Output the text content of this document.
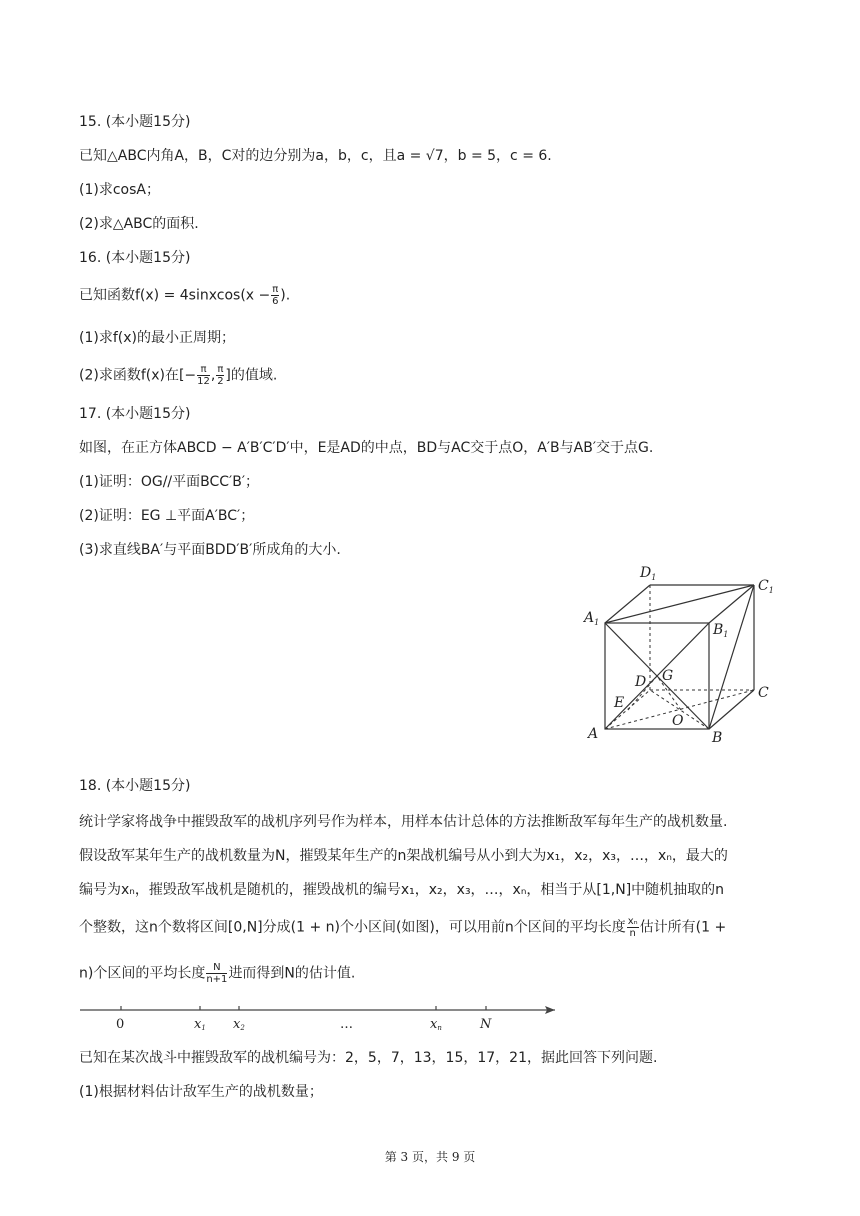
15. (本小题15分)
已知△ABC内角A，B，C对的边分别为a，b，c，且a = √7，b = 5，c = 6.
(1)求cosA；
(2)求△ABC的面积.
16. (本小题15分)
已知函数f(x) = 4sinxcos(x − $\frac{\pi}{6}$ ).
(1)求f(x)的最小正周期；
(2)求函数f(x)在[− $\frac{\pi}{12}$ , $\frac{\pi}{2}$ ]的值域.
17. (本小题15分)
如图，在正方体ABCD − A′B′C′D′中，E是AD的中点，BD与AC交于点O，A′B与AB′交于点G.
(1)证明：OG//平面BCC′B′；
(2)证明：EG ⊥平面A′BC′；
(3)求直线BA′与平面BDD′B′所成角的大小.
$D_1$
$C_1$
$A_1$	$B_1$
D G
C
E
O
A	B
18. (本小题15分)
统计学家将战争中摧毁敌军的战机序列号作为样本，用样本估计总体的方法推断敌军每年生产的战机数量.
假设敌军某年生产的战机数量为N，摧毁某年生产的n架战机编号从小到大为x₁，x₂，x₃，…，xₙ，最大的
编号为xₙ，摧毁敌军战机是随机的，摧毁战机的编号x₁，x₂，x₃，…，xₙ，相当于从[1,N]中随机抽取的n
个整数，这n个数将区间[0,N]分成(1 + n)个小区间(如图)，可以用前n个区间的平均长度 $\frac{\text{xₙ}}{n}$ 估计所有(1 +
n)个区间的平均长度 $\frac{N}{n+1}$ 进而得到N的估计值.
0	x1 x2	…	xn	N
已知在某次战斗中摧毁敌军的战机编号为：2，5，7，13，15，17，21，据此回答下列问题.
(1)根据材料估计敌军生产的战机数量；
第 3 页，共 9 页
